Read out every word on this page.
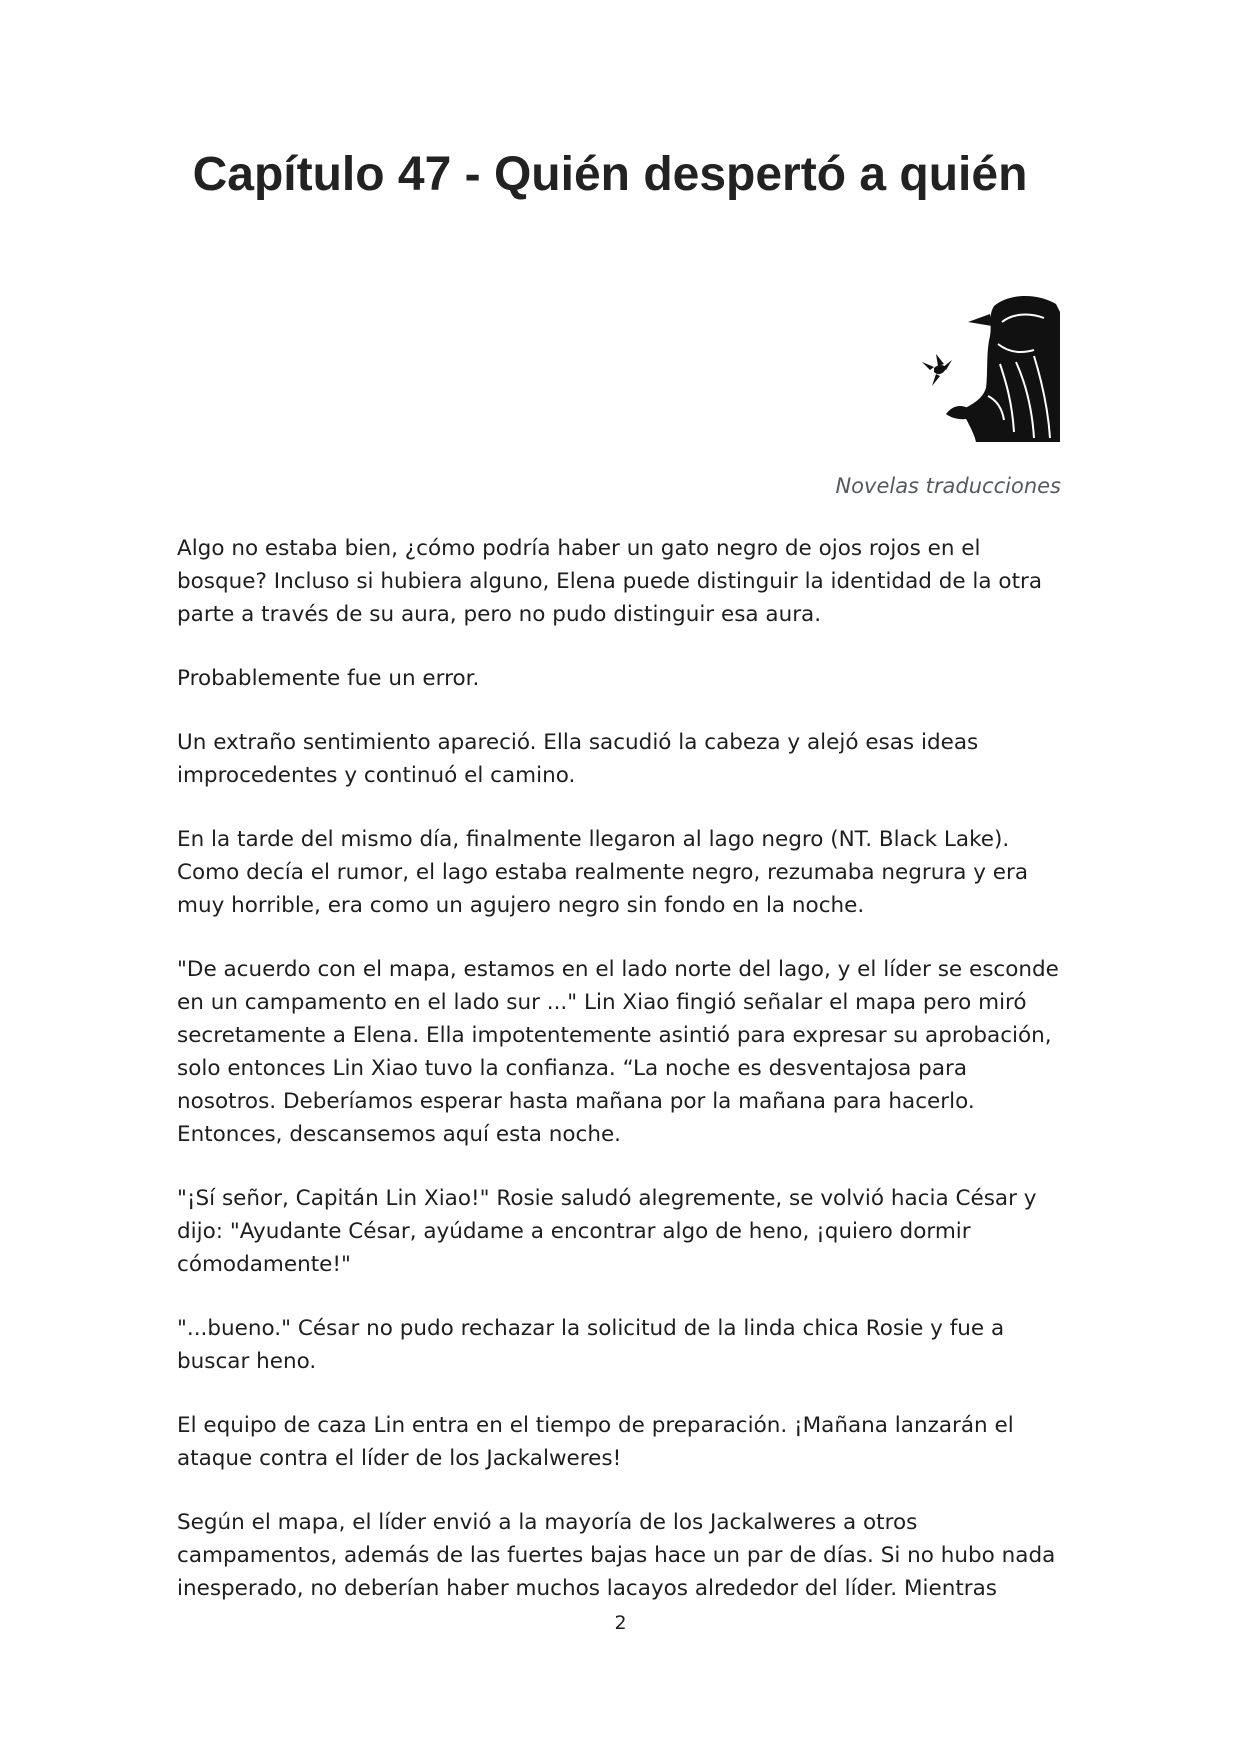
Capítulo 47 - Quién despertó a quién
Novelas traducciones

Algo no estaba bien, ¿cómo podría haber un gato negro de ojos rojos en el bosque? Incluso si hubiera alguno, Elena puede distinguir la identidad de la otra parte a través de su aura, pero no pudo distinguir esa aura.

Probablemente fue un error.

Un extraño sentimiento apareció. Ella sacudió la cabeza y alejó esas ideas improcedentes y continuó el camino.

En la tarde del mismo día, finalmente llegaron al lago negro (NT. Black Lake). Como decía el rumor, el lago estaba realmente negro, rezumaba negrura y era muy horrible, era como un agujero negro sin fondo en la noche.

"De acuerdo con el mapa, estamos en el lado norte del lago, y el líder se esconde en un campamento en el lado sur ..." Lin Xiao fingió señalar el mapa pero miró secretamente a Elena. Ella impotentemente asintió para expresar su aprobación, solo entonces Lin Xiao tuvo la confianza. “La noche es desventajosa para nosotros. Deberíamos esperar hasta mañana por la mañana para hacerlo. Entonces, descansemos aquí esta noche.

"¡Sí señor, Capitán Lin Xiao!" Rosie saludó alegremente, se volvió hacia César y dijo: "Ayudante César, ayúdame a encontrar algo de heno, ¡quiero dormir cómodamente!"

"...bueno." César no pudo rechazar la solicitud de la linda chica Rosie y fue a buscar heno.

El equipo de caza Lin entra en el tiempo de preparación. ¡Mañana lanzarán el ataque contra el líder de los Jackalweres!

Según el mapa, el líder envió a la mayoría de los Jackalweres a otros campamentos, además de las fuertes bajas hace un par de días. Si no hubo nada inesperado, no deberían haber muchos lacayos alrededor del líder. Mientras

2
